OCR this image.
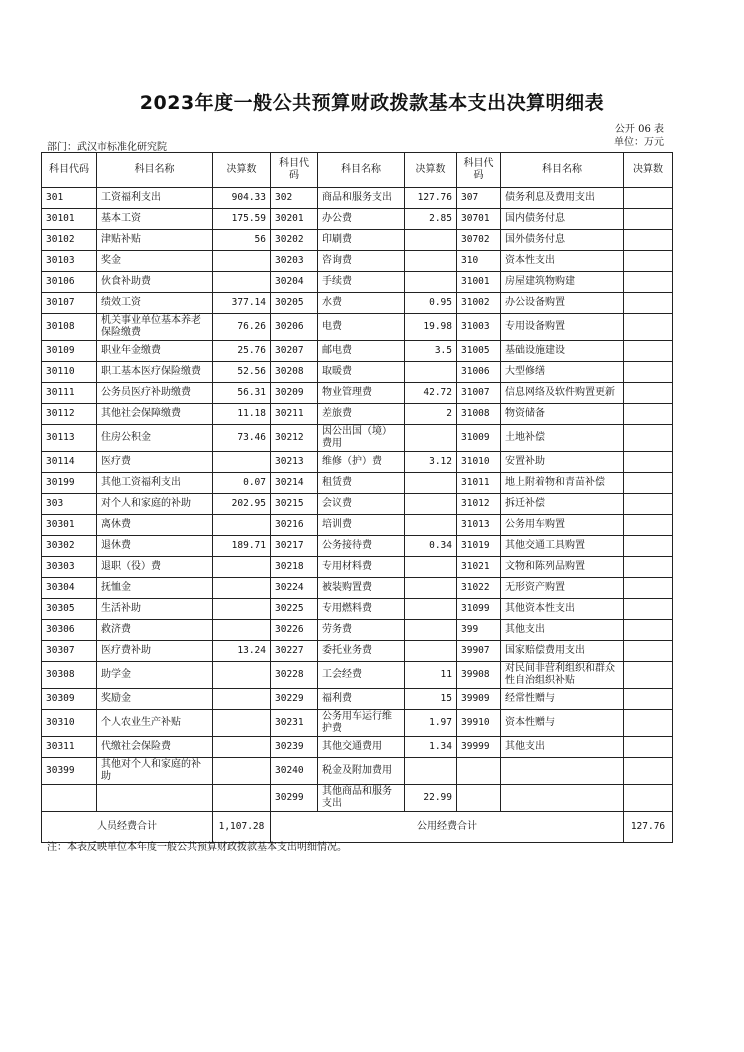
2023年度一般公共预算财政拨款基本支出决算明细表
公开 06 表
单位：万元
部门：武汉市标准化研究院
科目代码	科目名称	决算数	科目代码	科目名称	决算数	科目代码	科目名称	决算数
301	工资福利支出	904.33	302	商品和服务支出	127.76	307	债务利息及费用支出	
30101	基本工资	175.59	30201	办公费	2.85	30701	国内债务付息	
30102	津贴补贴	56	30202	印刷费		30702	国外债务付息	
30103	奖金		30203	咨询费		310	资本性支出	
30106	伙食补助费		30204	手续费		31001	房屋建筑物购建	
30107	绩效工资	377.14	30205	水费	0.95	31002	办公设备购置	
30108	机关事业单位基本养老保险缴费	76.26	30206	电费	19.98	31003	专用设备购置	
30109	职业年金缴费	25.76	30207	邮电费	3.5	31005	基础设施建设	
30110	职工基本医疗保险缴费	52.56	30208	取暖费		31006	大型修缮	
30111	公务员医疗补助缴费	56.31	30209	物业管理费	42.72	31007	信息网络及软件购置更新	
30112	其他社会保障缴费	11.18	30211	差旅费	2	31008	物资储备	
30113	住房公积金	73.46	30212	因公出国（境）费用		31009	土地补偿	
30114	医疗费		30213	维修（护）费	3.12	31010	安置补助	
30199	其他工资福利支出	0.07	30214	租赁费		31011	地上附着物和青苗补偿	
303	对个人和家庭的补助	202.95	30215	会议费		31012	拆迁补偿	
30301	离休费		30216	培训费		31013	公务用车购置	
30302	退休费	189.71	30217	公务接待费	0.34	31019	其他交通工具购置	
30303	退职（役）费		30218	专用材料费		31021	文物和陈列品购置	
30304	抚恤金		30224	被装购置费		31022	无形资产购置	
30305	生活补助		30225	专用燃料费		31099	其他资本性支出	
30306	救济费		30226	劳务费		399	其他支出	
30307	医疗费补助	13.24	30227	委托业务费		39907	国家赔偿费用支出	
30308	助学金		30228	工会经费	11	39908	对民间非营利组织和群众性自治组织补贴	
30309	奖励金		30229	福利费	15	39909	经常性赠与	
30310	个人农业生产补贴		30231	公务用车运行维护费	1.97	39910	资本性赠与	
30311	代缴社会保险费		30239	其他交通费用	1.34	39999	其他支出	
30399	其他对个人和家庭的补助		30240	税金及附加费用				
			30299	其他商品和服务支出	22.99			
人员经费合计		1,107.28	公用经费合计					127.76
注：本表反映单位本年度一般公共预算财政拨款基本支出明细情况。
